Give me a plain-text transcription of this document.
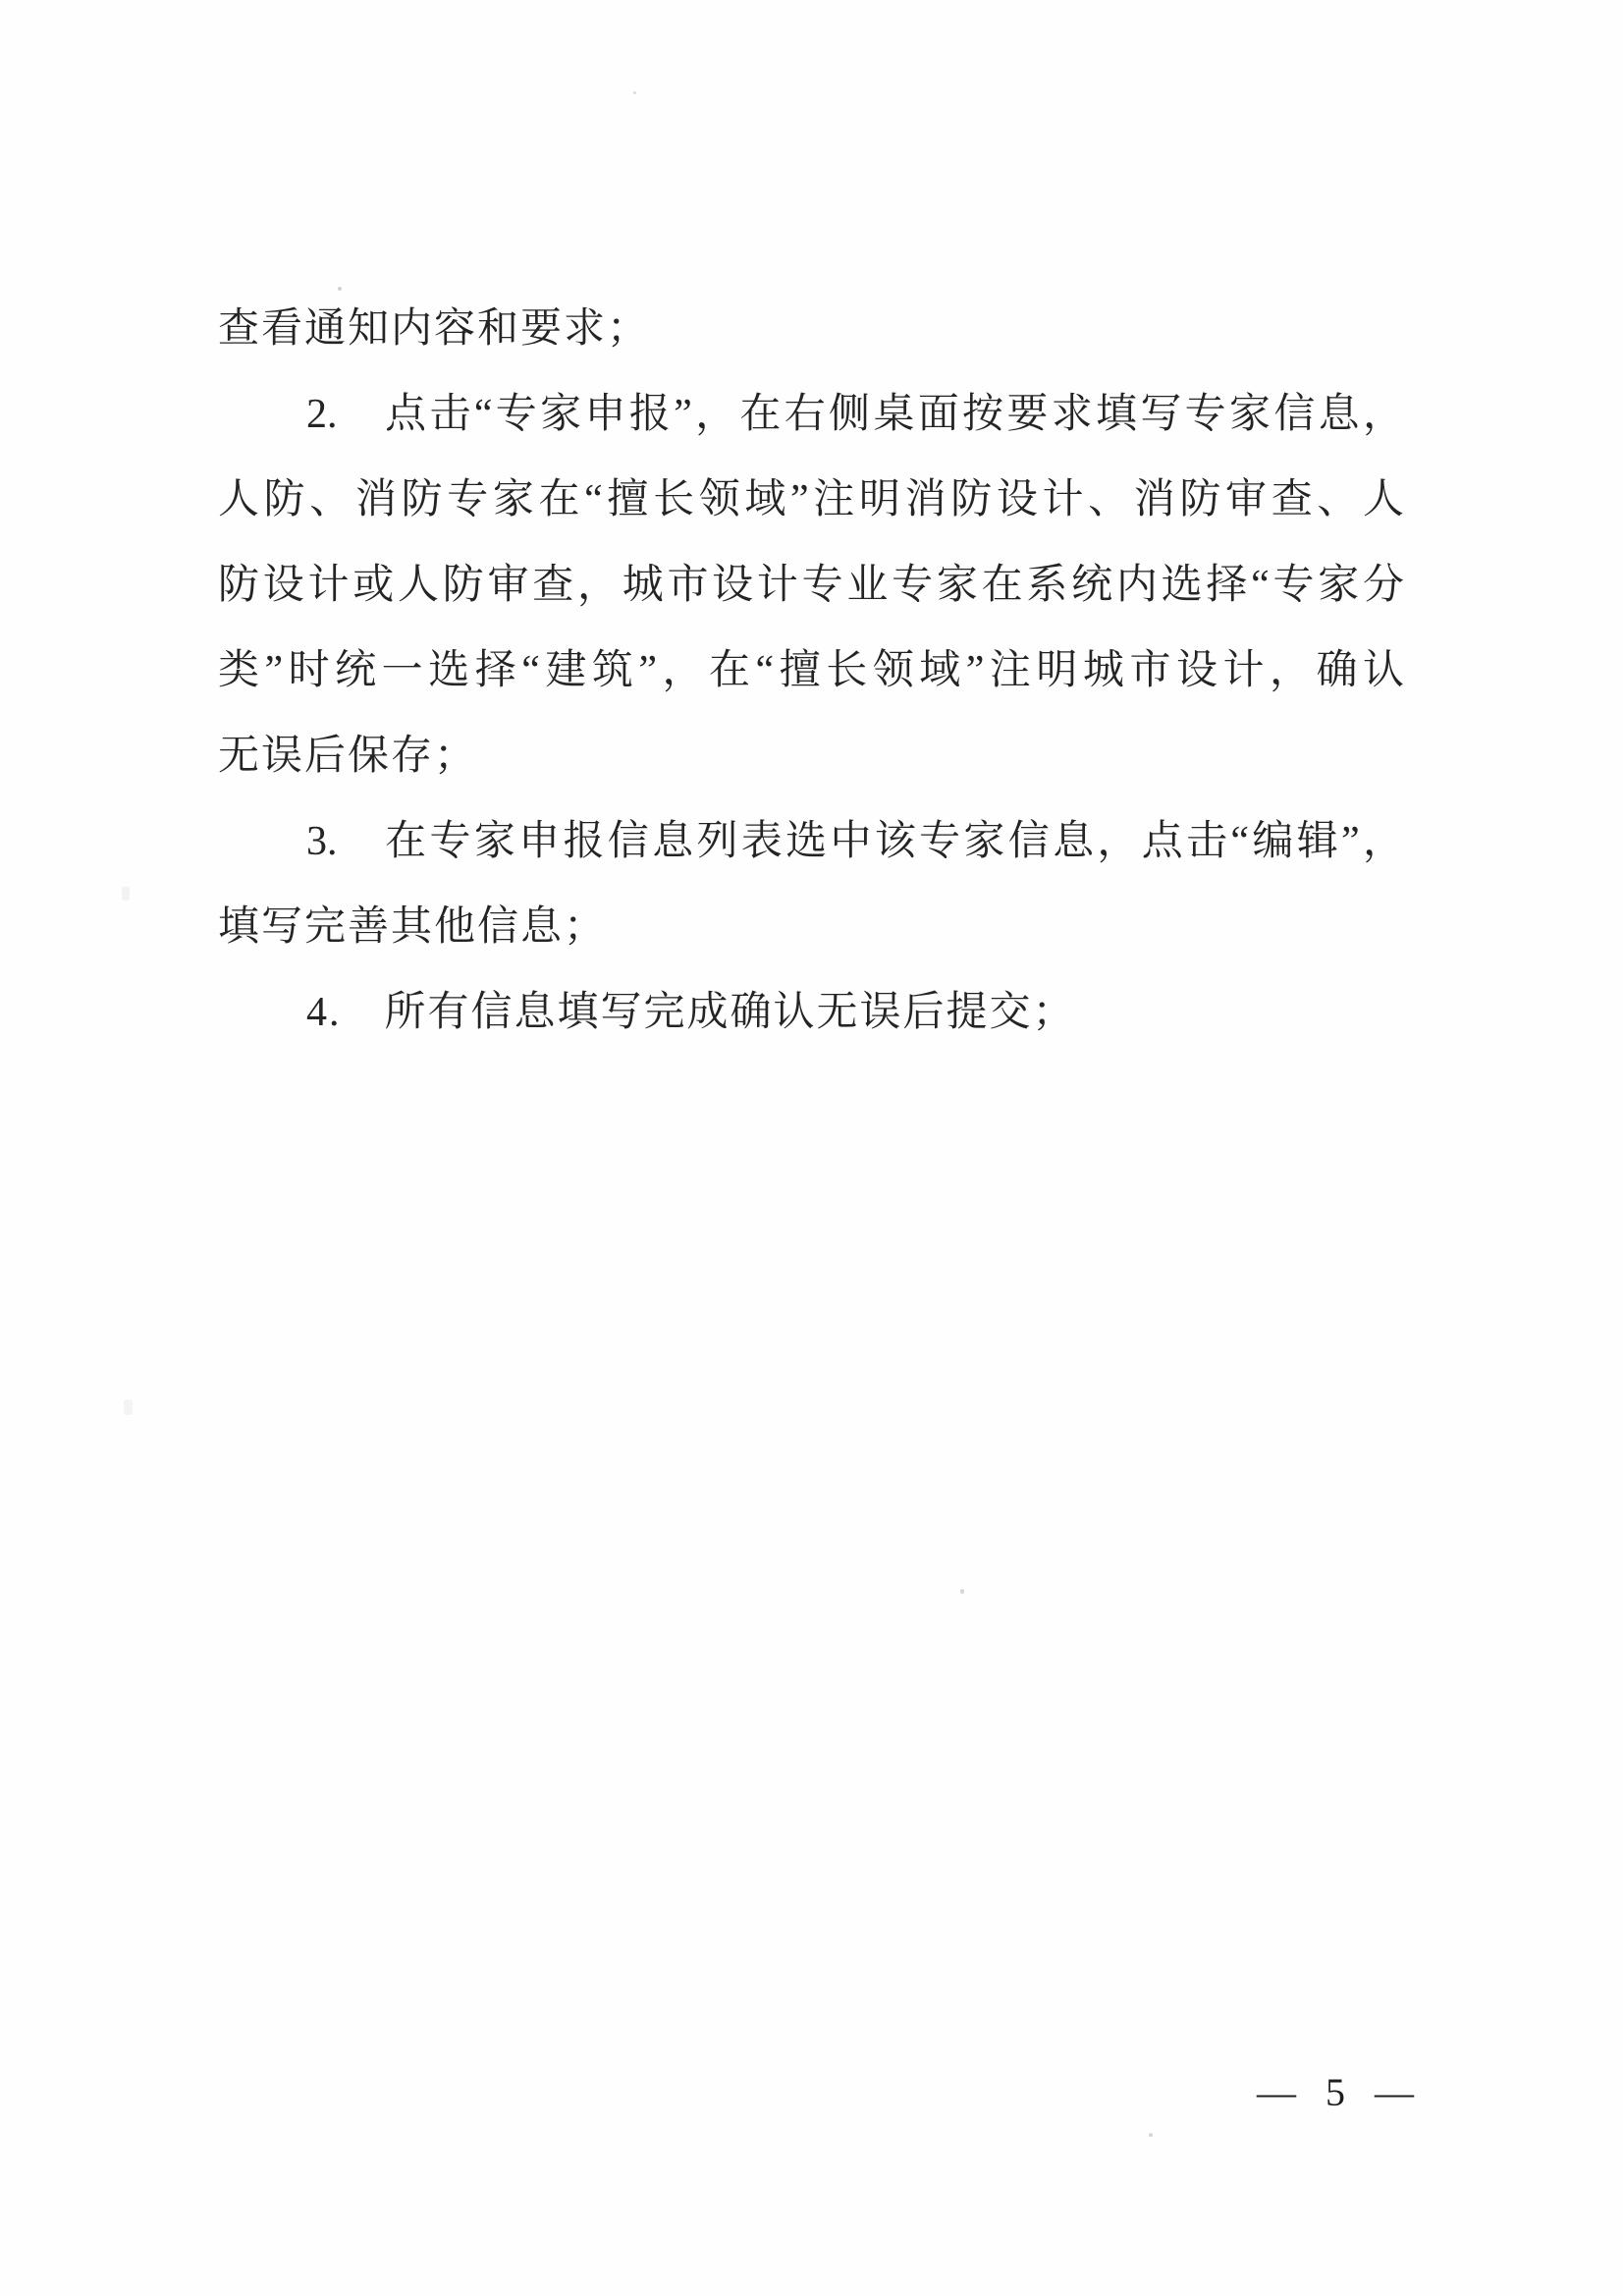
查看通知内容和要求；
2.　点击“专家申报”，在右侧桌面按要求填写专家信息，
人防、消防专家在“擅长领域”注明消防设计、消防审查、人
防设计或人防审查，城市设计专业专家在系统内选择“专家分
类”时统一选择“建筑”，在“擅长领域”注明城市设计，确认
无误后保存；
3.　在专家申报信息列表选中该专家信息，点击“编辑”，
填写完善其他信息；
4.　所有信息填写完成确认无误后提交；
— 5 —
